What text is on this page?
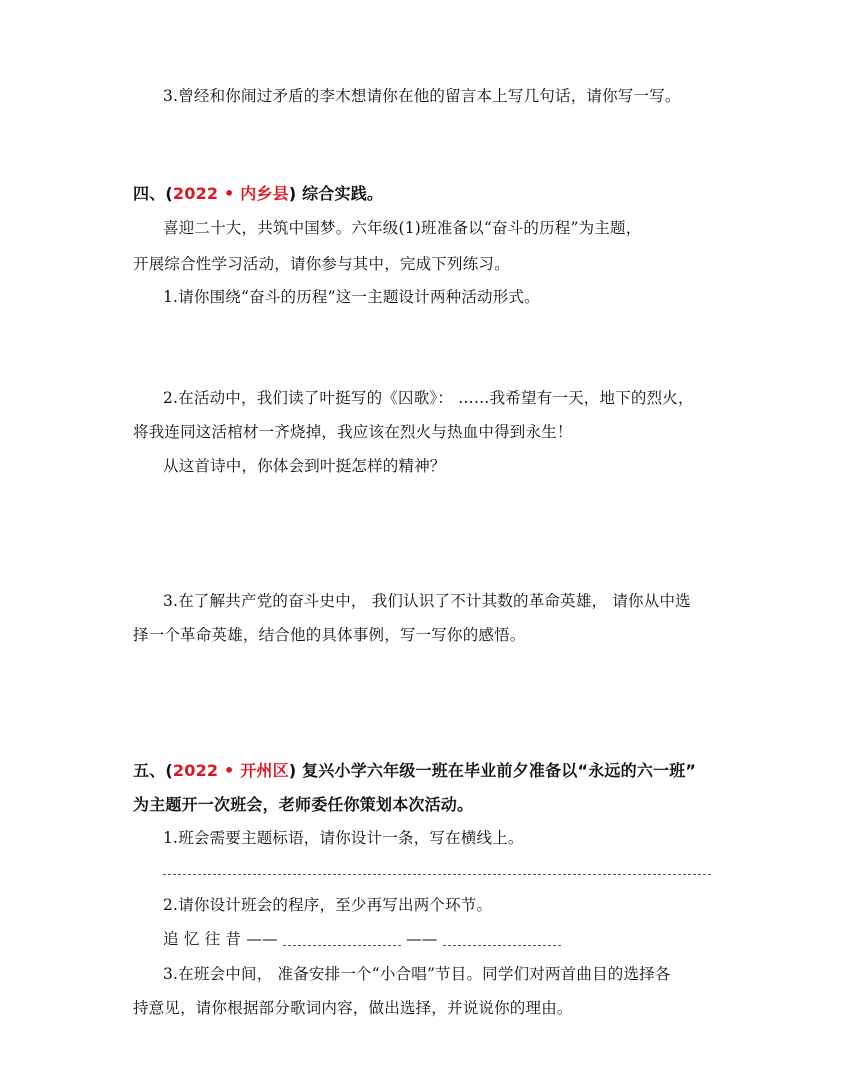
3.曾经和你闹过矛盾的李木想请你在他的留言本上写几句话，请你写一写。
四、(2022 • 内乡县) 综合实践。
喜迎二十大，共筑中国梦。六年级(1)班准备以“奋斗的历程”为主题，
开展综合性学习活动，请你参与其中，完成下列练习。
1.请你围绕“奋斗的历程”这一主题设计两种活动形式。
2.在活动中，我们读了叶挺写的《囚歌》： ……我希望有一天，地下的烈火，
将我连同这活棺材一齐烧掉，我应该在烈火与热血中得到永生！
从这首诗中，你体会到叶挺怎样的精神？
3.在了解共产党的奋斗史中， 我们认识了不计其数的革命英雄， 请你从中选
择一个革命英雄，结合他的具体事例，写一写你的感悟。
五、(2022 • 开州区) 复兴小学六年级一班在毕业前夕准备以“永远的六一班”
为主题开一次班会，老师委任你策划本次活动。
1.班会需要主题标语，请你设计一条，写在横线上。
2.请你设计班会的程序，至少再写出两个环节。
追 忆 往 昔 ——	——
3.在班会中间， 准备安排一个“小合唱”节目。同学们对两首曲目的选择各
持意见，请你根据部分歌词内容，做出选择，并说说你的理由。
